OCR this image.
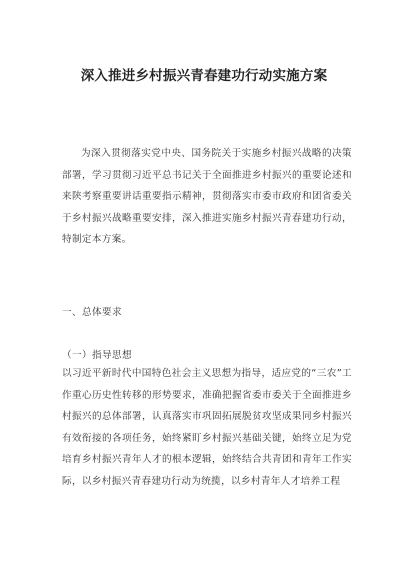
深入推进乡村振兴青春建功行动实施方案
为深入贯彻落实党中央、国务院关于实施乡村振兴战略的决策部署，学习贯彻习近平总书记关于全面推进乡村振兴的重要论述和来陕考察重要讲话重要指示精神，贯彻落实市委市政府和团省委关于乡村振兴战略重要安排，深入推进实施乡村振兴青春建功行动，特制定本方案。
一、总体要求
（一）指导思想
以习近平新时代中国特色社会主义思想为指导，适应党的“三农”工作重心历史性转移的形势要求，准确把握省委市委关于全面推进乡村振兴的总体部署，认真落实市巩固拓展脱贫攻坚成果同乡村振兴有效衔接的各项任务，始终紧盯乡村振兴基础关键，始终立足为党培育乡村振兴青年人才的根本逻辑，始终结合共青团和青年工作实际，以乡村振兴青春建功行动为统揽，以乡村青年人才培养工程
